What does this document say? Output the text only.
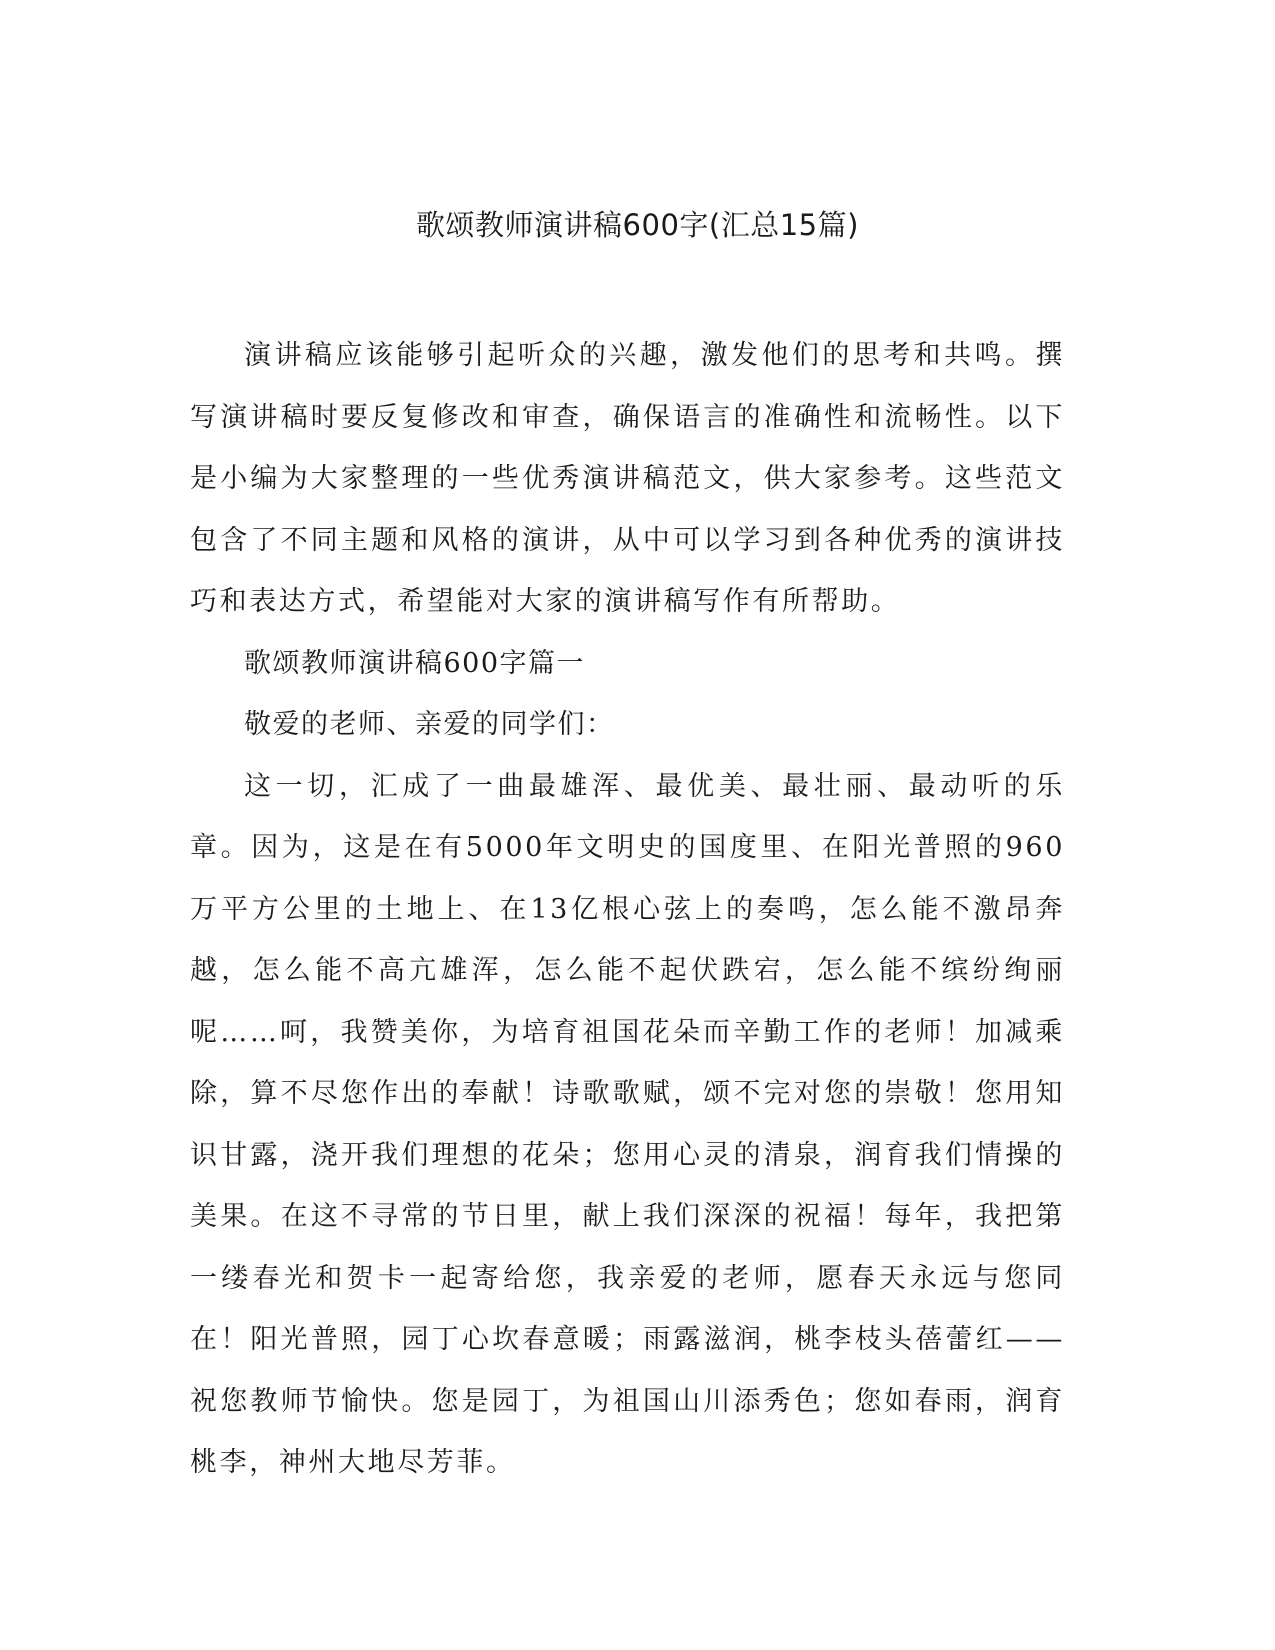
歌颂教师演讲稿600字(汇总15篇)

演讲稿应该能够引起听众的兴趣，激发他们的思考和共鸣。撰写演讲稿时要反复修改和审查，确保语言的准确性和流畅性。以下是小编为大家整理的一些优秀演讲稿范文，供大家参考。这些范文包含了不同主题和风格的演讲，从中可以学习到各种优秀的演讲技巧和表达方式，希望能对大家的演讲稿写作有所帮助。

歌颂教师演讲稿600字篇一

敬爱的老师、亲爱的同学们：

这一切，汇成了一曲最雄浑、最优美、最壮丽、最动听的乐章。因为，这是在有5000年文明史的国度里、在阳光普照的960万平方公里的土地上、在13亿根心弦上的奏鸣，怎么能不激昂奔越，怎么能不高亢雄浑，怎么能不起伏跌宕，怎么能不缤纷绚丽呢……呵，我赞美你，为培育祖国花朵而辛勤工作的老师！加减乘除，算不尽您作出的奉献！诗歌歌赋，颂不完对您的崇敬！您用知识甘露，浇开我们理想的花朵；您用心灵的清泉，润育我们情操的美果。在这不寻常的节日里，献上我们深深的祝福！每年，我把第一缕春光和贺卡一起寄给您，我亲爱的老师，愿春天永远与您同在！阳光普照，园丁心坎春意暖；雨露滋润，桃李枝头蓓蕾红——祝您教师节愉快。您是园丁，为祖国山川添秀色；您如春雨，润育桃李，神州大地尽芳菲。
